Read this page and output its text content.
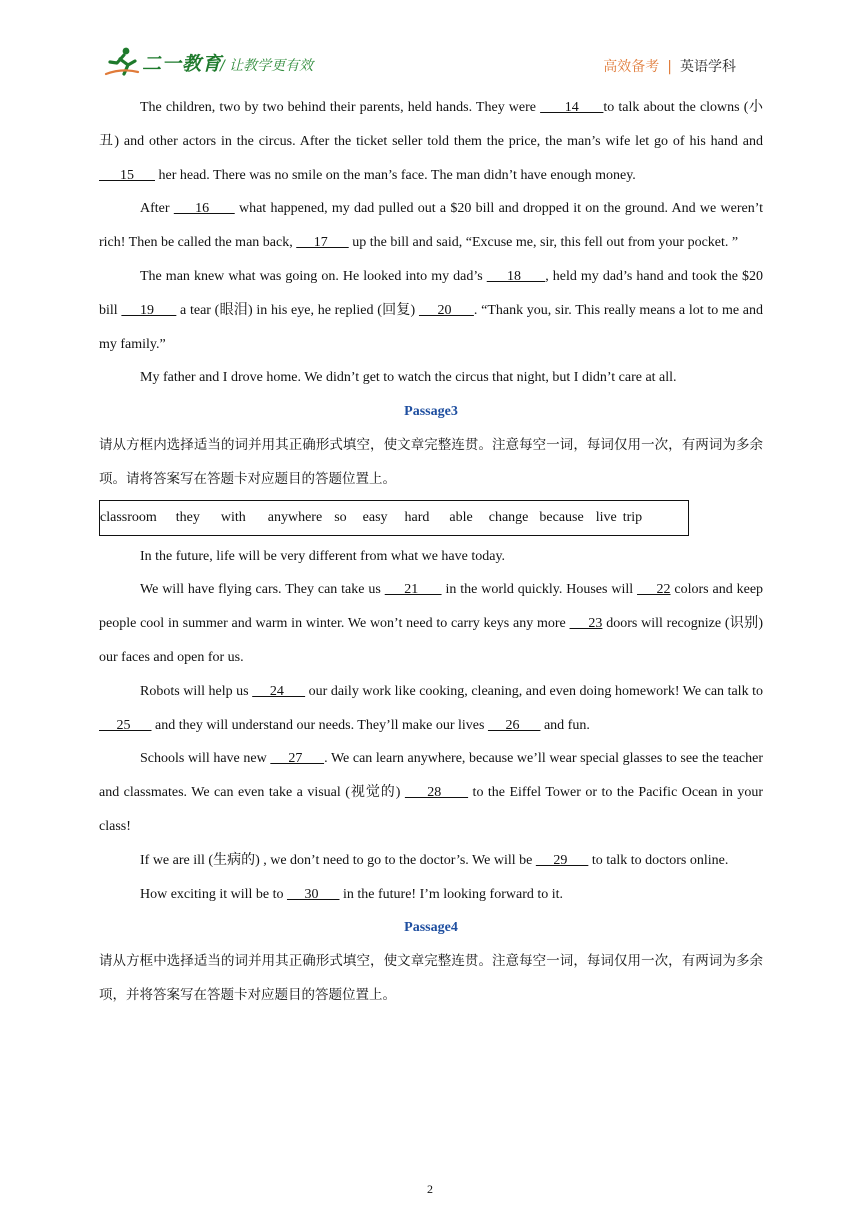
二一教育
/ 让教学更有效	高效备考 | 英语学科

The children, two by two behind their parents, held hands. They were       14      to talk about the clowns (小丑) and other actors in the circus. After the ticket seller told them the price, the man’s wife let go of his hand and       15       her head. There was no smile on the man’s face. The man didn’t have enough money.

After      16       what happened, my dad pulled out a $20 bill and dropped it on the ground. And we weren’t rich! Then be called the man back,      17       up the bill and said, “Excuse me, sir, this fell out from your pocket. ”

The man knew what was going on. He looked into my dad’s      18      , held my dad’s hand and took the $20 bill      19       a tear (眼泪) in his eye, he replied (回复)      20      . “Thank you, sir. This really means a lot to me and my family.”

My father and I drove home. We didn’t get to watch the circus that night, but I didn’t care at all.

Passage3

请从方框内选择适当的词并用其正确形式填空，使文章完整连贯。注意每空一词，每词仅用一次，有两词为多余项。请将答案写在答题卡对应题目的答题位置上。

classroom they with anywhere so easy hard able change because live trip

In the future, life will be very different from what we have today.

We will have flying cars. They can take us      21       in the world quickly. Houses will      22 colors and keep people cool in summer and warm in winter. We won’t need to carry keys any more      23 doors will recognize (识别) our faces and open for us.

Robots will help us      24       our daily work like cooking, cleaning, and even doing homework! We can talk to      25       and they will understand our needs. They’ll make our lives      26       and fun.

Schools will have new      27      . We can learn anywhere, because we’ll wear special glasses to see the teacher and classmates. We can even take a visual (视觉的)      28       to the Eiffel Tower or to the Pacific Ocean in your class!

If we are ill (生病的) , we don’t need to go to the doctor’s. We will be      29       to talk to doctors online.

How exciting it will be to      30       in the future! I’m looking forward to it.

Passage4

请从方框中选择适当的词并用其正确形式填空，使文章完整连贯。注意每空一词，每词仅用一次，有两词为多余项，并将答案写在答题卡对应题目的答题位置上。

2
